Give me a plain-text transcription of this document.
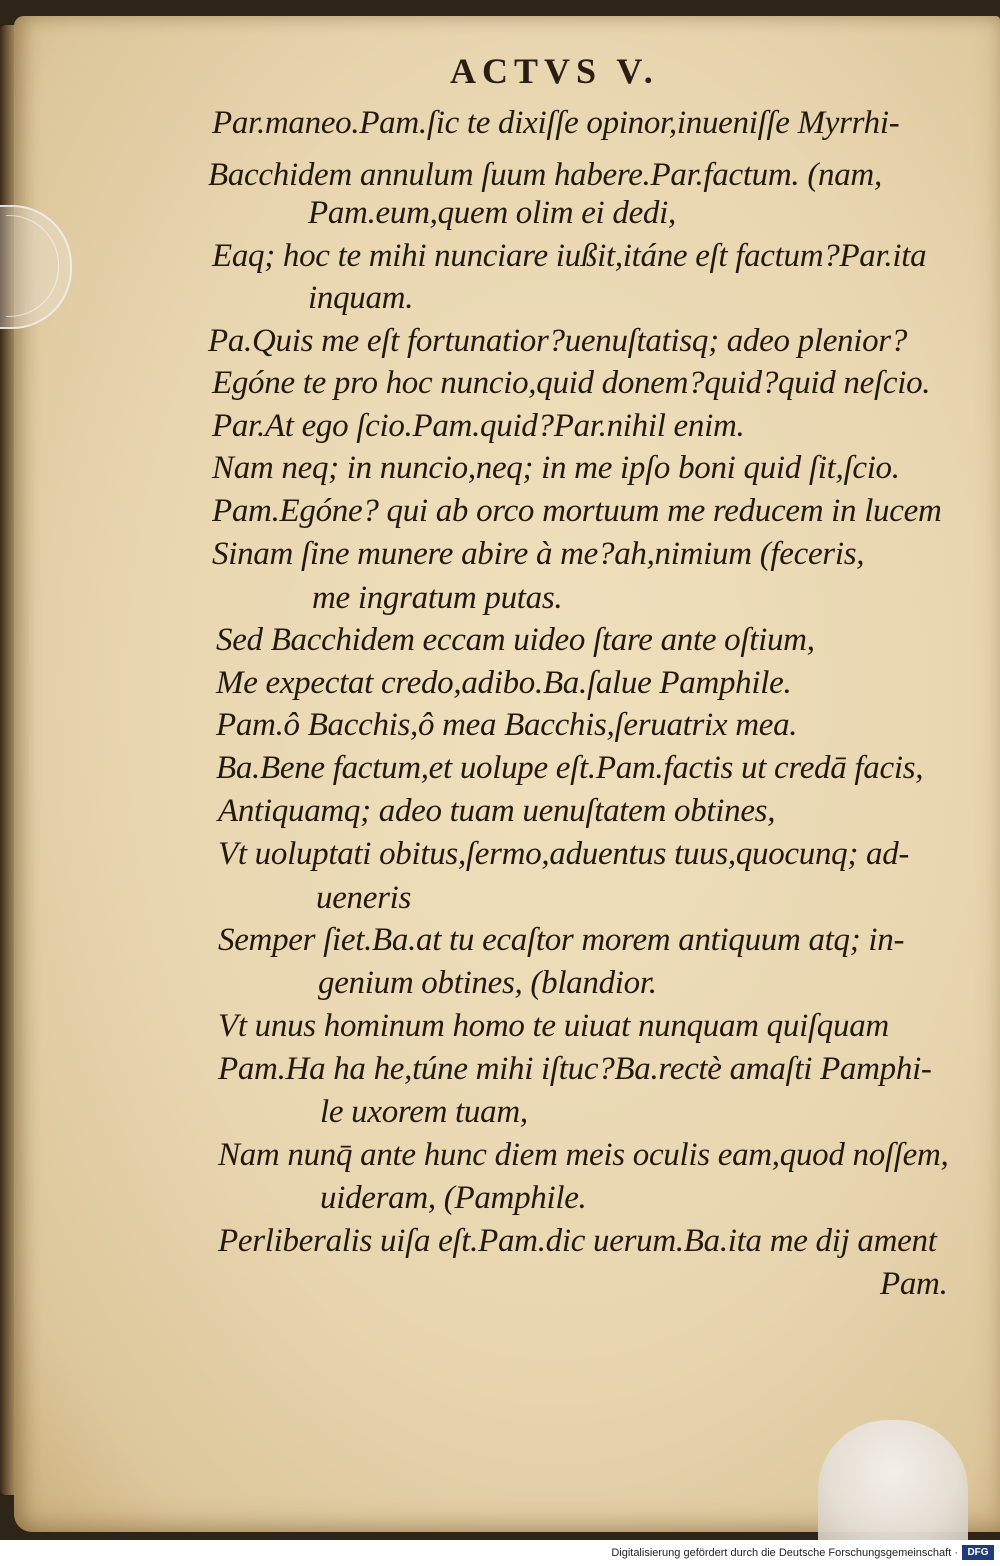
ACTVS V.
Par.maneo.Pam.ſic te dixiſſe opinor,inueniſſe Myrrhi-
Bacchidem annulum ſuum habere.Par.factum. (nam,
Pam.eum,quem olim ei dedi,
Eaq; hoc te mihi nunciare iußit,itáne eſt factum?Par.ita
inquam.
Pa.Quis me eſt fortunatior?uenuſtatisq; adeo plenior?
Egóne te pro hoc nuncio,quid donem?quid?quid neſcio.
Par.At ego ſcio.Pam.quid?Par.nihil enim.
Nam neq; in nuncio,neq; in me ipſo boni quid ſit,ſcio.
Pam.Egóne? qui ab orco mortuum me reducem in lucem
Sinam ſine munere abire à me?ah,nimium (feceris,
me ingratum putas.
Sed Bacchidem eccam uideo ſtare ante oſtium,
Me expectat credo,adibo.Ba.ſalue Pamphile.
Pam.ô Bacchis,ô mea Bacchis,ſeruatrix mea.
Ba.Bene factum,et uolupe eſt.Pam.factis ut credā facis,
Antiquamq; adeo tuam uenuſtatem obtines,
Vt uoluptati obitus,ſermo,aduentus tuus,quocunq; ad-
ueneris
Semper ſiet.Ba.at tu ecaſtor morem antiquum atq; in-
genium obtines, (blandior.
Vt unus hominum homo te uiuat nunquam quiſquam
Pam.Ha ha he,túne mihi iſtuc?Ba.rectè amaſti Pamphi-
le uxorem tuam,
Nam nunq̄ ante hunc diem meis oculis eam,quod noſſem,
uideram, (Pamphile.
Perliberalis uiſa eſt.Pam.dic uerum.Ba.ita me dij ament
Pam.
Digitalisierung gefördert durch die Deutsche Forschungsgemeinschaft · DFG
